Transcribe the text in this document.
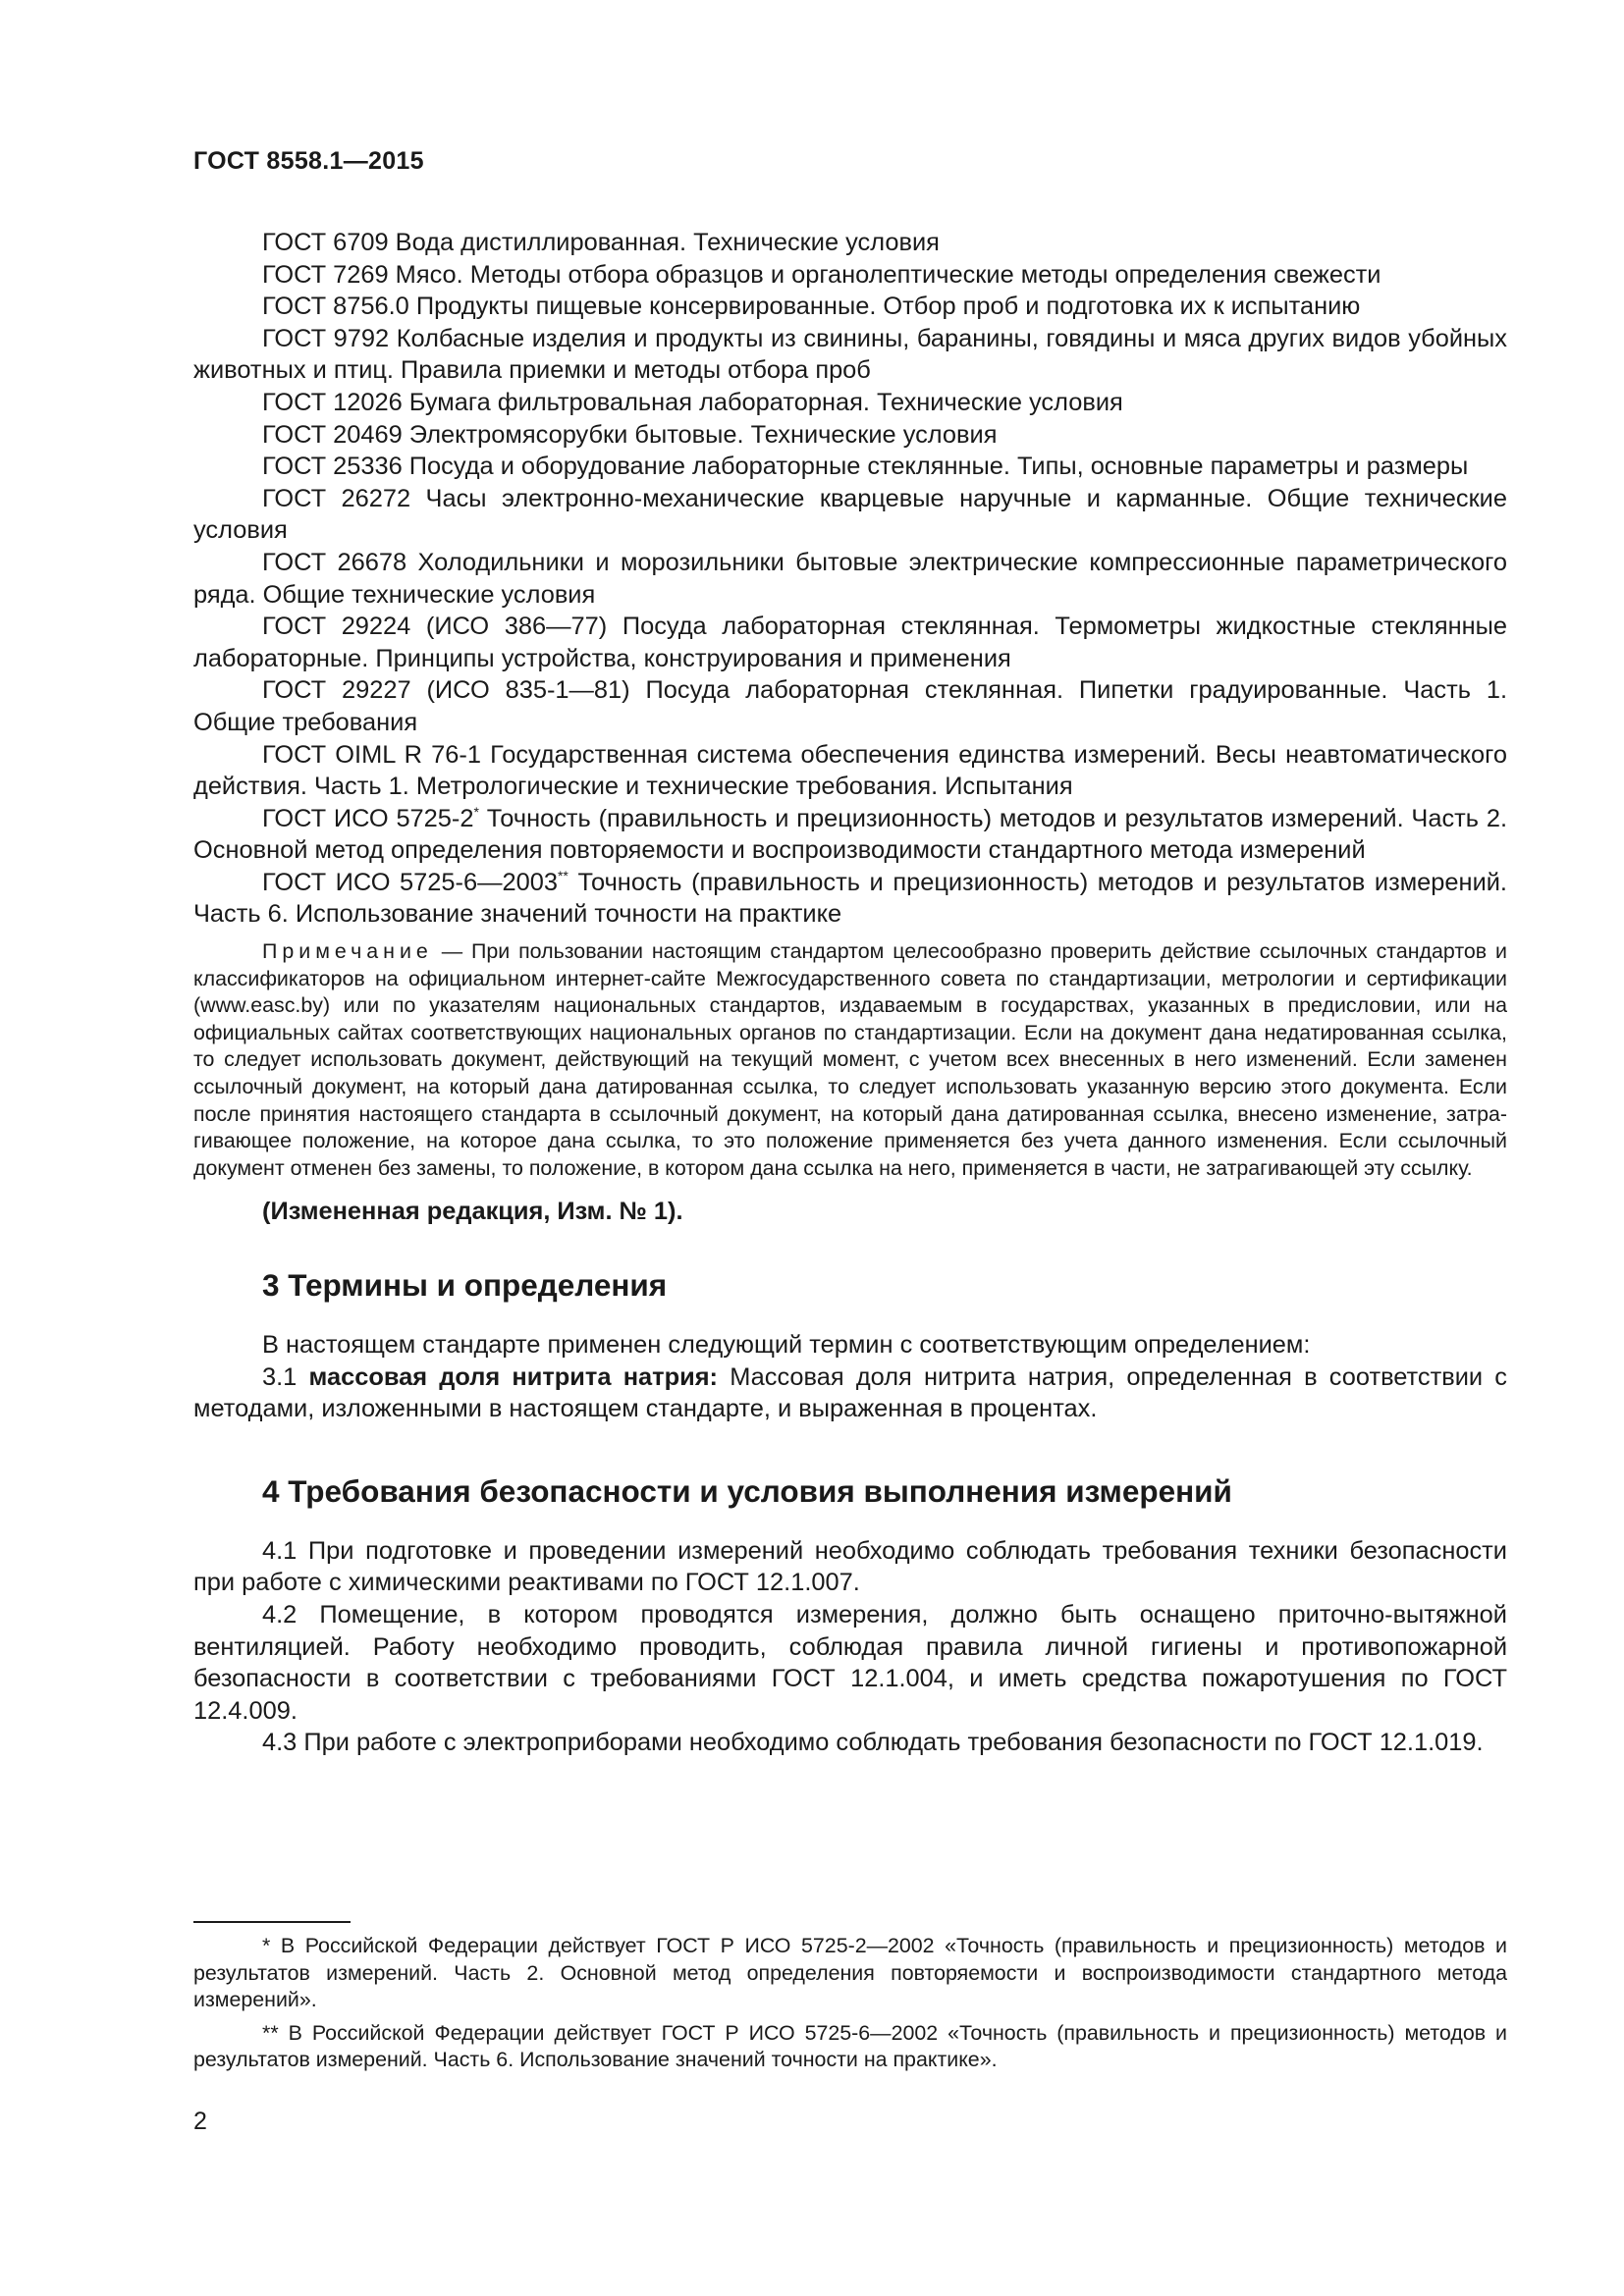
ГОСТ 8558.1—2015

ГОСТ 6709 Вода дистиллированная. Технические условия

ГОСТ 7269 Мясо. Методы отбора образцов и органолептические методы определения свежести

ГОСТ 8756.0 Продукты пищевые консервированные. Отбор проб и подготовка их к испытанию

ГОСТ 9792 Колбасные изделия и продукты из свинины, баранины, говядины и мяса других видов убойных животных и птиц. Правила приемки и методы отбора проб

ГОСТ 12026 Бумага фильтровальная лабораторная. Технические условия

ГОСТ 20469 Электромясорубки бытовые. Технические условия

ГОСТ 25336 Посуда и оборудование лабораторные стеклянные. Типы, основные параметры и размеры

ГОСТ 26272 Часы электронно-механические кварцевые наручные и карманные. Общие технические условия

ГОСТ 26678 Холодильники и морозильники бытовые электрические компрессионные параметрического ряда. Общие технические условия

ГОСТ 29224 (ИСО 386—77) Посуда лабораторная стеклянная. Термометры жидкостные стеклянные лабораторные. Принципы устройства, конструирования и применения

ГОСТ 29227 (ИСО 835-1—81) Посуда лабораторная стеклянная. Пипетки градуированные. Часть 1. Общие требования

ГОСТ OIML R 76-1 Государственная система обеспечения единства измерений. Весы неавтоматического действия. Часть 1. Метрологические и технические требования. Испытания

ГОСТ ИСО 5725-2* Точность (правильность и прецизионность) методов и результатов измерений. Часть 2. Основной метод определения повторяемости и воспроизводимости стандартного метода измерений

ГОСТ ИСО 5725-6—2003** Точность (правильность и прецизионность) методов и результатов измерений. Часть 6. Использование значений точности на практике

Примечание — При пользовании настоящим стандартом целесообразно проверить действие ссылочных стандартов и классификаторов на официальном интернет-сайте Межгосударственного совета по стандартизации, метрологии и сертификации (www.easc.by) или по указателям национальных стандартов, издаваемым в государствах, указанных в предисловии, или на официальных сайтах соответствующих национальных органов по стандартизации. Если на документ дана недатированная ссылка, то следует использовать документ, действующий на текущий момент, с учетом всех внесенных в него изменений. Если заменен ссылочный документ, на который дана датированная ссылка, то следует использовать указанную версию этого документа. Если после принятия настоящего стандарта в ссылочный документ, на который дана датированная ссылка, внесено изменение, затрагивающее положение, на которое дана ссылка, то это положение применяется без учета данного изменения. Если ссылочный документ отменен без замены, то положение, в котором дана ссылка на него, применяется в части, не затрагивающей эту ссылку.

(Измененная редакция, Изм. № 1).

3 Термины и определения

В настоящем стандарте применен следующий термин с соответствующим определением:

3.1 массовая доля нитрита натрия: Массовая доля нитрита натрия, определенная в соответствии с методами, изложенными в настоящем стандарте, и выраженная в процентах.

4 Требования безопасности и условия выполнения измерений

4.1 При подготовке и проведении измерений необходимо соблюдать требования техники безопасности при работе с химическими реактивами по ГОСТ 12.1.007.

4.2 Помещение, в котором проводятся измерения, должно быть оснащено приточно-вытяжной вентиляцией. Работу необходимо проводить, соблюдая правила личной гигиены и противопожарной безопасности в соответствии с требованиями ГОСТ 12.1.004, и иметь средства пожаротушения по ГОСТ 12.4.009.

4.3 При работе с электроприборами необходимо соблюдать требования безопасности по ГОСТ 12.1.019.

* В Российской Федерации действует ГОСТ Р ИСО 5725-2—2002 «Точность (правильность и прецизионность) методов и результатов измерений. Часть 2. Основной метод определения повторяемости и воспроизводимости стандартного метода измерений».

** В Российской Федерации действует ГОСТ Р ИСО 5725-6—2002 «Точность (правильность и прецизионность) методов и результатов измерений. Часть 6. Использование значений точности на практике».

2
